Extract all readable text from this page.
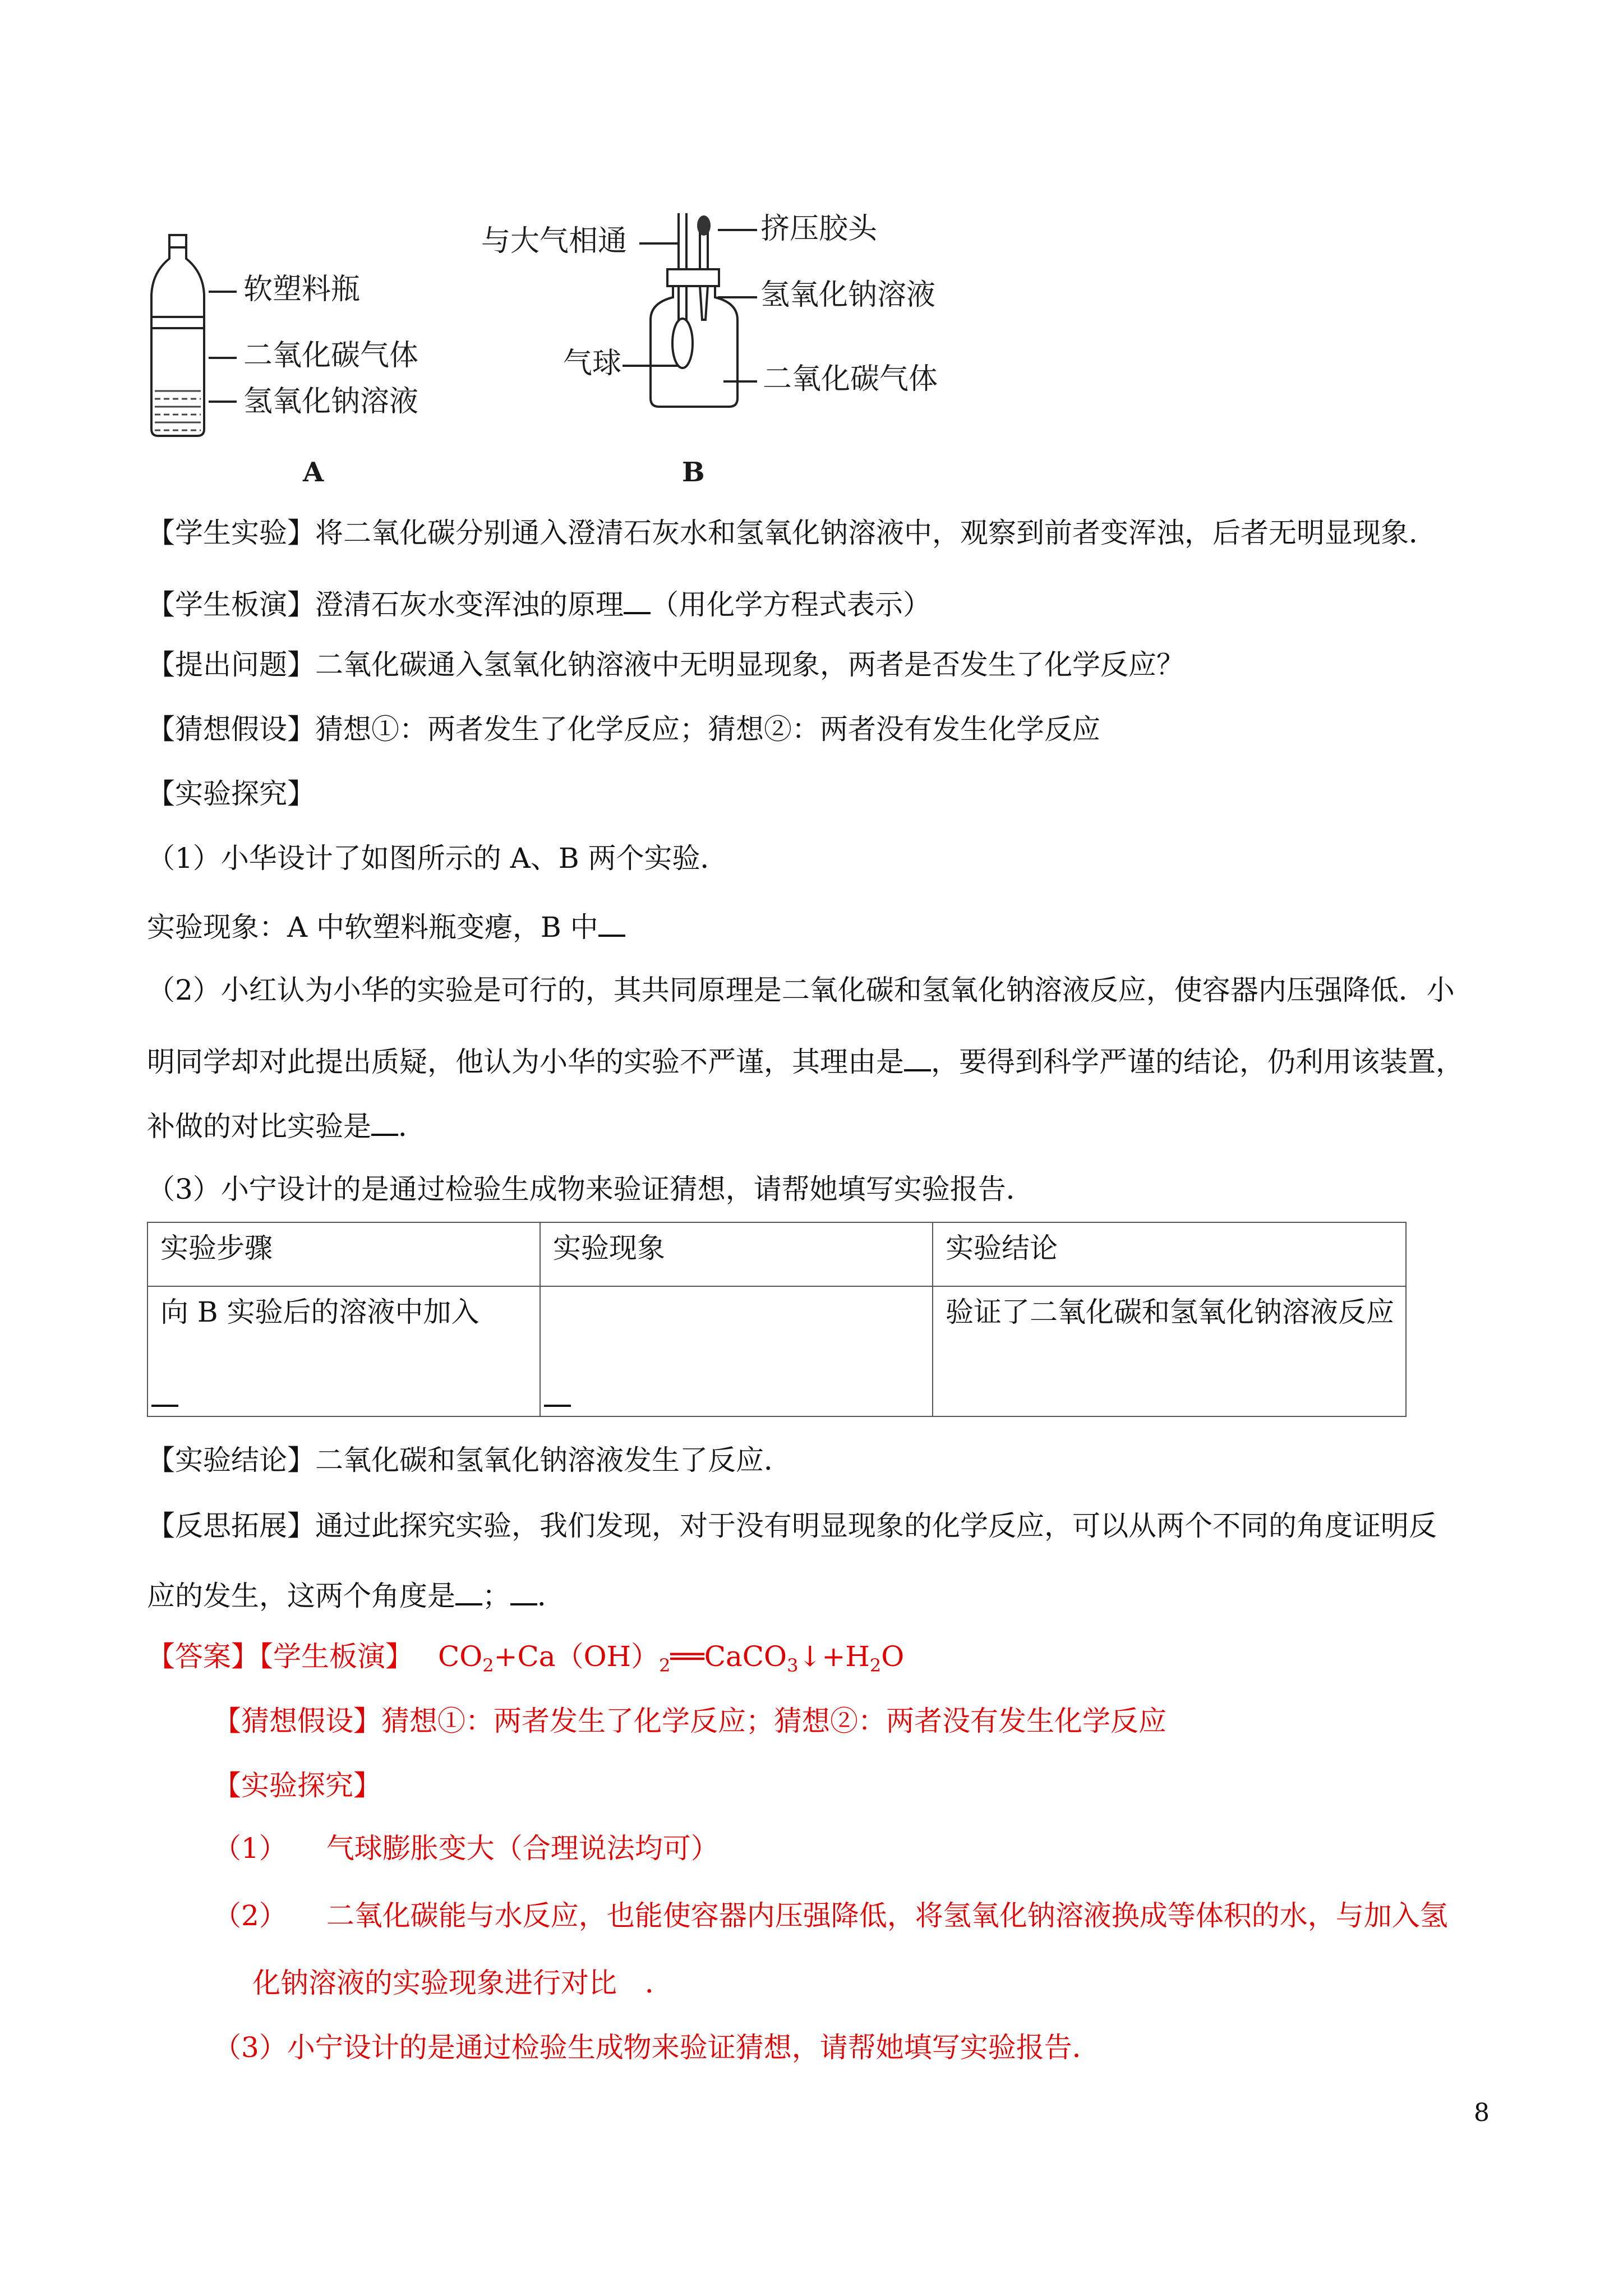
软塑料瓶
二氧化碳气体
氢氧化钠溶液
A
与大气相通	挤压胶头
氢氧化钠溶液
气球	二氧化碳气体
B
【学生实验】将二氧化碳分别通入澄清石灰水和氢氧化钠溶液中，观察到前者变浑浊，后者无明显现象．
【学生板演】澄清石灰水变浑浊的原理 （用化学方程式表示）
【提出问题】二氧化碳通入氢氧化钠溶液中无明显现象，两者是否发生了化学反应？
【猜想假设】猜想①：两者发生了化学反应；猜想②：两者没有发生化学反应
【实验探究】
（1）小华设计了如图所示的 A、B 两个实验．
实验现象：A 中软塑料瓶变瘪，B 中
（2）小红认为小华的实验是可行的，其共同原理是二氧化碳和氢氧化钠溶液反应，使容器内压强降低．小
明同学却对此提出质疑，他认为小华的实验不严谨，其理由是 ，要得到科学严谨的结论，仍利用该装置，
补做的对比实验是 ．
（3）小宁设计的是通过检验生成物来验证猜想，请帮她填写实验报告．
实验步骤	实验现象	实验结论
向 B 实验后的溶液中加入		验证了二氧化碳和氢氧化钠溶液反应
【实验结论】二氧化碳和氢氧化钠溶液发生了反应．
【反思拓展】通过此探究实验，我们发现，对于没有明显现象的化学反应，可以从两个不同的角度证明反
应的发生，这两个角度是 ； ．
【答案】【学生板演】 $CO_2+Ca(OH)_2══CaCO_3↓+H_2O$
【猜想假设】猜想①：两者发生了化学反应；猜想②：两者没有发生化学反应
【实验探究】
（1） 气球膨胀变大（合理说法均可）
（2） 二氧化碳能与水反应，也能使容器内压强降低，将氢氧化钠溶液换成等体积的水，与加入氢
化钠溶液的实验现象进行对比 ．
（3）小宁设计的是通过检验生成物来验证猜想，请帮她填写实验报告．
8
